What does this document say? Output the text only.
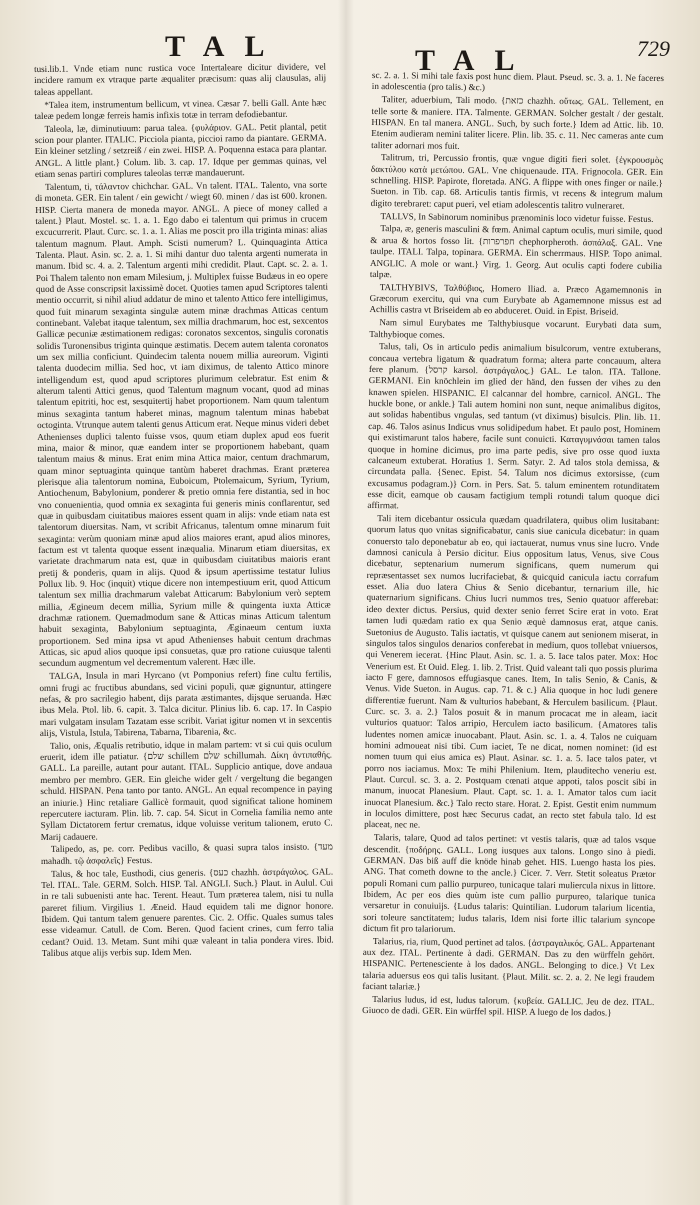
TAL	TAL	729

tusi.lib.1. Vnde etiam nunc rustica voce Intertaleare dicitur dividere, vel incidere ramum ex vtraque parte æqualiter præcisum: quas alij clausulas, alij taleas appellant.

*Talea item, instrumentum bellicum, vt vinea. Cæsar 7. belli Gall. Ante hæc taleæ pedem longæ ferreis hamis infixis totæ in terram defodiebantur.

Taleola, læ, diminutiuum: parua talea. {φυλάριον. GAL. Petit plantal, petit scion pour planter. ITALIC. Picciola pianta, piccioi ramo da piantare. GERMA. Ein kleiner setzling / setzreiß / ein zwei. HISP. A. Poquenna estaca para plantar. ANGL. A little plant.} Colum. lib. 3. cap. 17. Idque per gemmas quinas, vel etiam senas partiri complures taleolas terræ mandauerunt.

Talentum, ti, τάλαντον chichchar. GAL. Vn talent. ITAL. Talento, vna sorte di moneta. GER. Ein talent / ein gewicht / wiegt 60. minen / das ist 600. kronen. HISP. Cierta manera de moneda mayor. ANGL. A piece of money called a talent.} Plaut. Mostel. sc. 1. a. 1. Ego dabo ei talentum qui primus in crucem excucurrerit. Plaut. Curc. sc. 1. a. 1. Alias me poscit pro illa triginta minas: alias talentum magnum. Plaut. Amph. Scisti numerum? L. Quinquaginta Attica Talenta. Plaut. Asin. sc. 2. a. 1. Si mihi dantur duo talenta argenti numerata in manum. Ibid sc. 4. a. 2. Talentum argenti mihi credidit. Plaut. Capt. sc. 2. a. 1. Poi Thalem talento non emam Milesium, j. Multiplex fuisse Budæus in eo opere quod de Asse conscripsit laxissimè docet. Quoties tamen apud Scriptores talenti mentio occurrit, si nihil aliud addatur de mino et talento Attico fere intelligimus, quod fuit minarum sexaginta singulæ autem minæ drachmas Atticas centum continebant. Valebat itaque talentum, sex millia drachmarum, hoc est, sexcentos Gallicæ pecuniæ æstimationem redigas: coronatos sexcentos, singulis coronatis solidis Turonensibus triginta quinque æstimatis. Decem autem talenta coronatos um sex millia conficiunt. Quindecim talenta nouem millia aureorum. Viginti talenta duodecim millia. Sed hoc, vt iam diximus, de talento Attico minore intelligendum est, quod apud scriptores plurimum celebratur. Est enim & alterum talenti Attici genus, quod Talentum magnum vocant, quod ad minas talentum epitriti, hoc est, sesquitertij habet proportionem. Nam quum talentum minus sexaginta tantum haberet minas, magnum talentum minas habebat octoginta. Vtrunque autem talenti genus Atticum erat. Neque minus videri debet Athenienses duplici talento fuisse vsos, quum etiam duplex apud eos fuerit mina, maior & minor, quæ eandem inter se proportionem habebant, quam talentum maius & minus. Erat enim mina Attica maior, centum drachmarum, quam minor septuaginta quinque tantùm haberet drachmas. Erant præterea plerisque alia talentorum nomina, Euboicum, Ptolemaicum, Syrium, Tyrium, Antiochenum, Babylonium, ponderer & pretio omnia fere distantia, sed in hoc vno conuenientia, quod omnia ex sexaginta fui generis minis conflarentur, sed quæ in quibusdam ciuitatibus maiores essent quam in alijs: vnde etiam nata est talentorum diuersitas. Nam, vt scribit Africanus, talentum omne minarum fuit sexaginta: verùm quoniam minæ apud alios maiores erant, apud alios minores, factum est vt talenta quoque essent inæqualia. Minarum etiam diuersitas, ex varietate drachmarum nata est, quæ in quibusdam ciuitatibus maioris erant pretij & ponderis, quam in alijs. Quod & ipsum apertissime testatur Iulius Pollux lib. 9. Hoc (inquit) vtique dicere non intempestiuum erit, quod Atticum talentum sex millia drachmarum valebat Atticarum: Babylonium verò septem millia, Ægineum decem millia, Syrium mille & quingenta iuxta Atticæ drachmæ rationem. Quemadmodum sane & Atticas minas Atticum talentum habuit sexaginta, Babylonium septuaginta, Æginaeum centum iuxta proportionem. Sed mina ipsa vt apud Athenienses habuit centum drachmas Atticas, sic apud alios quoque ipsi consuetas, quæ pro ratione cuiusque talenti secundum augmentum vel decrementum valerent. Hæc ille.

TALGA, Insula in mari Hyrcano (vt Pomponius refert) fine cultu fertilis, omni frugi ac fructibus abundans, sed vicini populi, quæ gignuntur, attingere nefas, & pro sacrilegio habent, dijs parata æstimantes, dijsque seruanda. Hæc ibus Mela. Ptol. lib. 6. capit. 3. Talca dicitur. Plinius lib. 6. cap. 17. In Caspio mari vulgatam insulam Tazatam esse scribit. Variat igitur nomen vt in sexcentis alijs, Vistula, Istula, Tabirena, Tabarna, Tibarenia, &c.

Talio, onis, Æqualis retributio, idque in malam partem: vt si cui quis oculum eruerit, idem ille patiatur. {שלם schillem שלם schillumah. Δίκη ἀντιπαθής. GALL. La pareille, autant pour autant. ITAL. Supplicio antique, dove andaua membro per membro. GER. Ein gleiche wider gelt / vergeltung die begangen schuld. HISPAN. Pena tanto por tanto. ANGL. An equal recompence in paying an iniurie.} Hinc retaliare Gallicè formauit, quod significat talione hominem repercutere iacturam. Plin. lib. 7. cap. 54. Sicut in Cornelia familia nemo ante Syllam Dictatorem fertur crematus, idque voluisse veritum talionem, eruto C. Marij cadauere.

Talipedo, as, pe. corr. Pedibus vacillo, & quasi supra talos insisto. {מעד mahadh. τῷ ἀσφαλεῖς} Festus.

Talus, & hoc tale, Eusthodi, cius generis. {כעס chazhh. ἀστράγαλος. GAL. Tel. ITAL. Tale. GERM. Solch. HISP. Tal. ANGLI. Such.} Plaut. in Aulul. Cui in re tali subuenisti ante hac. Terent. Heaut. Tum præterea talem, nisi tu nulla pareret filium. Virgilius 1. Æneid. Haud equidem tali me dignor honore. Ibidem. Qui tantum talem genuere parentes. Cic. 2. Offic. Quales sumus tales esse videamur. Catull. de Com. Beren. Quod facient crines, cum ferro talia cedant? Ouid. 13. Metam. Sunt mihi quæ valeant in talia pondera vires. Ibid. Talibus atque alijs verbis sup. Idem Men.

sc. 2. a. 1. Si mihi tale faxis post hunc diem. Plaut. Pseud. sc. 3. a. 1. Ne faceres in adolescentia (pro talis.) &c.)

Taliter, aduerbium, Tali modo. {כזאת chazhh. οὕτως. GAL. Tellement, en telle sorte & maniere. ITA. Talmente. GERMAN. Solcher gestalt / der gestalt. HISPAN. En tal manera. ANGL. Such, by such forte.} Idem ad Attic. lib. 10. Etenim audieram nemini taliter licere. Plin. lib. 35. c. 11. Nec cameras ante cum taliter adornari mos fuit.

Talitrum, tri, Percussio frontis, quæ vngue digiti fieri solet. {ἐγκρουσμὸς δακτύλου κατὰ μετώπου. GAL. Vne chiquenaude. ITA. Frignocola. GER. Ein schnelling. HISP. Papirote, floretada. ANG. A flippe with ones finger or naile.} Sueton. in Tib. cap. 68. Articulis tantis firmis, vt recens & integrum malum digito terebraret: caput pueri, vel etiam adolescentis talitro vulneraret.

TALLVS, In Sabinorum nominibus prænominis loco videtur fuisse. Festus.

Talpa, æ, generis masculini & fœm. Animal captum oculis, muri simile, quod & arua & hortos fosso lit. {חפרפרות chephorpheroth. ἀσπάλαξ. GAL. Vne taulpe. ITALI. Talpa, topinara. GERMA. Ein scherrmaus. HISP. Topo animal. ANGLIC. A mole or want.} Virg. 1. Georg. Aut oculis capti fodere cubilia talpæ.

TALTHYBIVS, Ταλθύβιος, Homero Iliad. a. Præco Agamemnonis in Græcorum exercitu, qui vna cum Eurybate ab Agamemnone missus est ad Achillis castra vt Briseidem ab eo abduceret. Ouid. in Epist. Briseid.

Nam simul Eurybates me Talthybiusque vocarunt. Eurybati data sum, Talthybioque comes.

Talus, tali, Os in articulo pedis animalium bisulcorum, ventre extuberans, concaua vertebra ligatum & quadratum forma; altera parte concauum, altera fere planum. {קרסל karsol. ἀστράγαλος.} GAL. Le talon. ITA. Tallone. GERMANI. Ein knöchlein im glied der händ, den fussen der vihes zu den knawen spielen. HISPANIC. El calcannar del hombre, carnicol. ANGL. The huckle bone, or ankle.} Tali autem homini non sunt, neque animalibus digitos, aut solidas habentibus vngulas, sed tantum (vt diximus) bisulcis. Plin. lib. 11. cap. 46. Talos asinus Indicus vnus solidipedum habet. Et paulo post, Hominem qui existimarunt talos habere, facile sunt conuicti. Καταγυμνάσαι tamen talos quoque in homine dicimus, pro ima parte pedis, sive pro osse quod iuxta calcaneum extuberat. Horatius 1. Serm. Satyr. 2. Ad talos stola demissa, & circundata palla. {Senec. Epist. 54. Talum nos dicimus extorsisse, (cum excusamus podagram.)} Corn. in Pers. Sat. 5. talum eminentem rotunditatem esse dicit, eamque ob causam factigium templi rotundi talum quoque dici affirmat.

Tali item dicebantur ossicula quædam quadrilatera, quibus olim lusitabant: quorum latus quo vnitas significabatur, canis siue canicula dicebatur: in quam conuersto talo deponebatur ab eo, qui iactauerat, numus vnus sine lucro. Vnde damnosi canicula à Persio dicitur. Eius oppositum latus, Venus, sive Cous dicebatur, septenarium numerum significans, quem numerum qui repræsentasset sex numos lucrifaciebat, & quicquid canicula iactu corrafum esset. Alia duo latera Chius & Senio dicebantur, ternarium ille, hic quaternarium significans. Chius lucri nummos tres, Senio quatuor afferebat: ideo dexter dictus. Persius, quid dexter senio ferret Scire erat in voto. Erat tamen ludi quædam ratio ex qua Senio æquè damnosus erat, atque canis. Suetonius de Augusto. Talis iactatis, vt quisque canem aut senionem miserat, in singulos talos singulos denarios conferebat in medium, quos tollebat vniuersos, qui Venerem iecerat. {Hinc Plaut. Asin. sc. 1. a. 5. Iace talos pater. Mox: Hoc Venerium est. Et Ouid. Eleg. 1. lib. 2. Trist. Quid valeant tali quo possis plurima iacto F gere, damnosos effugiasque canes. Item, In talis Senio, & Canis, & Venus. Vide Sueton. in Augus. cap. 71. & c.} Alia quoque in hoc ludi genere differentiæ fuerunt. Nam & vulturios habebant, & Herculem basilicum. {Plaut. Curc. sc. 3. a. 2.} Talos posuit & in manum procacat me in aleam, iacit vulturios quatuor: Talos arripio, Herculem iacto basilicum. {Amatores talis ludentes nomen amicæ inuocabant. Plaut. Asin. sc. 1. a. 4. Talos ne cuiquam homini admoueat nisi tibi. Cum iaciet, Te ne dicat, nomen nominet: (id est nomen tuum qui eius amica es) Plaut. Asinar. sc. 1. a. 5. Iace talos pater, vt porro nos iaciamus. Mox: Te mihi Philenium. Item, plauditecho veneriu est. Plaut. Curcul. sc. 3. a. 2. Postquam cœnati atque appoti, talos poscit sibi in manum, inuocat Planesium. Plaut. Capt. sc. 1. a. 1. Amator talos cum iacit inuocat Planesium. &c.} Talo recto stare. Horat. 2. Epist. Gestit enim nummum in loculos dimittere, post hæc Securus cadat, an recto stet fabula talo. Id est placeat, nec ne.

Talaris, talare, Quod ad talos pertinet: vt vestis talaris, quæ ad talos vsque descendit. {ποδήρης. GALL. Long iusques aux talons. Longo sino à piedi. GERMAN. Das biß auff die knöde hinab gehet. HIS. Luengo hasta los pies. ANG. That cometh downe to the ancle.} Cicer. 7. Verr. Stetit soleatus Prætor populi Romani cum pallio purpureo, tunicaque talari muliercula nixus in littore. Ibidem, Ac per eos dies quùm iste cum pallio purpureo, talarique tunica versaretur in conuiuijs. {Ludus talaris: Quintilian. Ludorum talarium licentia, sori toleure sanctitatem; ludus talaris, Idem nisi forte illic talarium syncope dictum fit pro talariorum.

Talarius, ria, rium, Quod pertinet ad talos. {ἀστραγαλικός. GAL. Appartenant aux dez. ITAL. Pertinente à dadi. GERMAN. Das zu den würffeln gehört. HISPANIC. Pertenesciente à los dados. ANGL. Belonging to dice.} Vt Lex talaria aduersus eos qui talis lusitant. {Plaut. Milit. sc. 2. a. 2. Ne legi fraudem faciant talariæ.}

Talarius ludus, id est, ludus talorum. {κυβεία. GALLIC. Jeu de dez. ITAL. Giuoco de dadi. GER. Ein würffel spil. HISP. A luego de los dados.}
